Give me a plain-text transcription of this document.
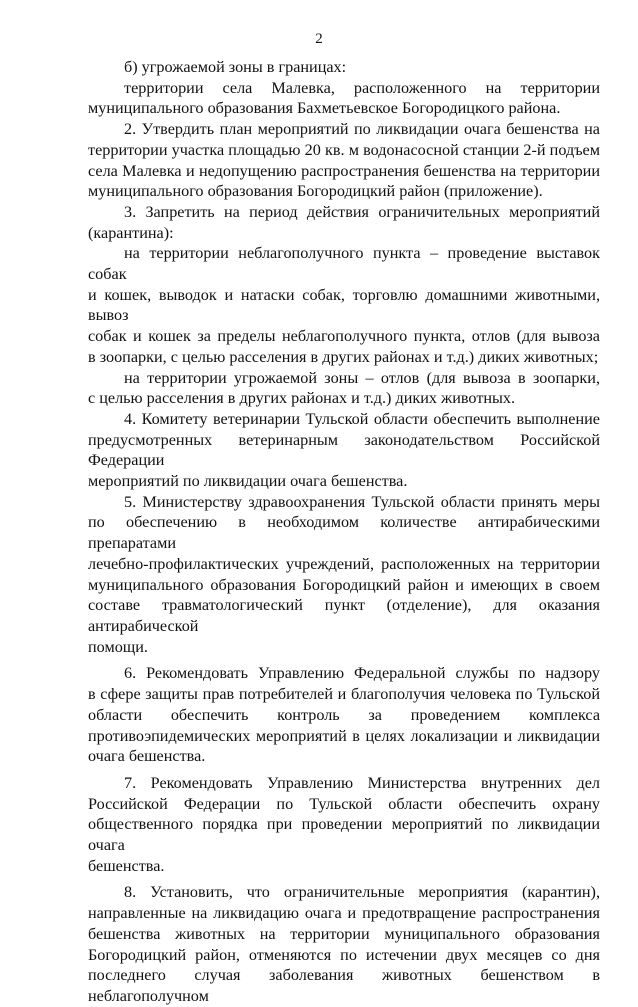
2
б) угрожаемой зоны в границах:
территории села Малевка, расположенного на территории
муниципального образования Бахметьевское Богородицкого района.
2. Утвердить план мероприятий по ликвидации очага бешенства на
территории участка площадью 20 кв. м водонасосной станции 2-й подъем
села Малевка и недопущению распространения бешенства на территории
муниципального образования Богородицкий район (приложение).
3. Запретить на период действия ограничительных мероприятий
(карантина):
на территории неблагополучного пункта – проведение выставок собак
и кошек, выводок и натаски собак, торговлю домашними животными, вывоз
собак и кошек за пределы неблагополучного пункта, отлов (для вывоза
в зоопарки, с целью расселения в других районах и т.д.) диких животных;
на территории угрожаемой зоны – отлов (для вывоза в зоопарки,
с целью расселения в других районах и т.д.) диких животных.
4. Комитету ветеринарии Тульской области обеспечить выполнение
предусмотренных ветеринарным законодательством Российской Федерации
мероприятий по ликвидации очага бешенства.
5. Министерству здравоохранения Тульской области принять меры
по обеспечению в необходимом количестве антирабическими препаратами
лечебно-профилактических учреждений, расположенных на территории
муниципального образования Богородицкий район и имеющих в своем
составе травматологический пункт (отделение), для оказания антирабической
помощи.
6. Рекомендовать Управлению Федеральной службы по надзору
в сфере защиты прав потребителей и благополучия человека по Тульской
области обеспечить контроль за проведением комплекса
противоэпидемических мероприятий в целях локализации и ликвидации
очага бешенства.
7. Рекомендовать Управлению Министерства внутренних дел
Российской Федерации по Тульской области обеспечить охрану
общественного порядка при проведении мероприятий по ликвидации очага
бешенства.
8. Установить, что ограничительные мероприятия (карантин),
направленные на ликвидацию очага и предотвращение распространения
бешенства животных на территории муниципального образования
Богородицкий район, отменяются по истечении двух месяцев со дня
последнего случая заболевания животных бешенством в неблагополучном
